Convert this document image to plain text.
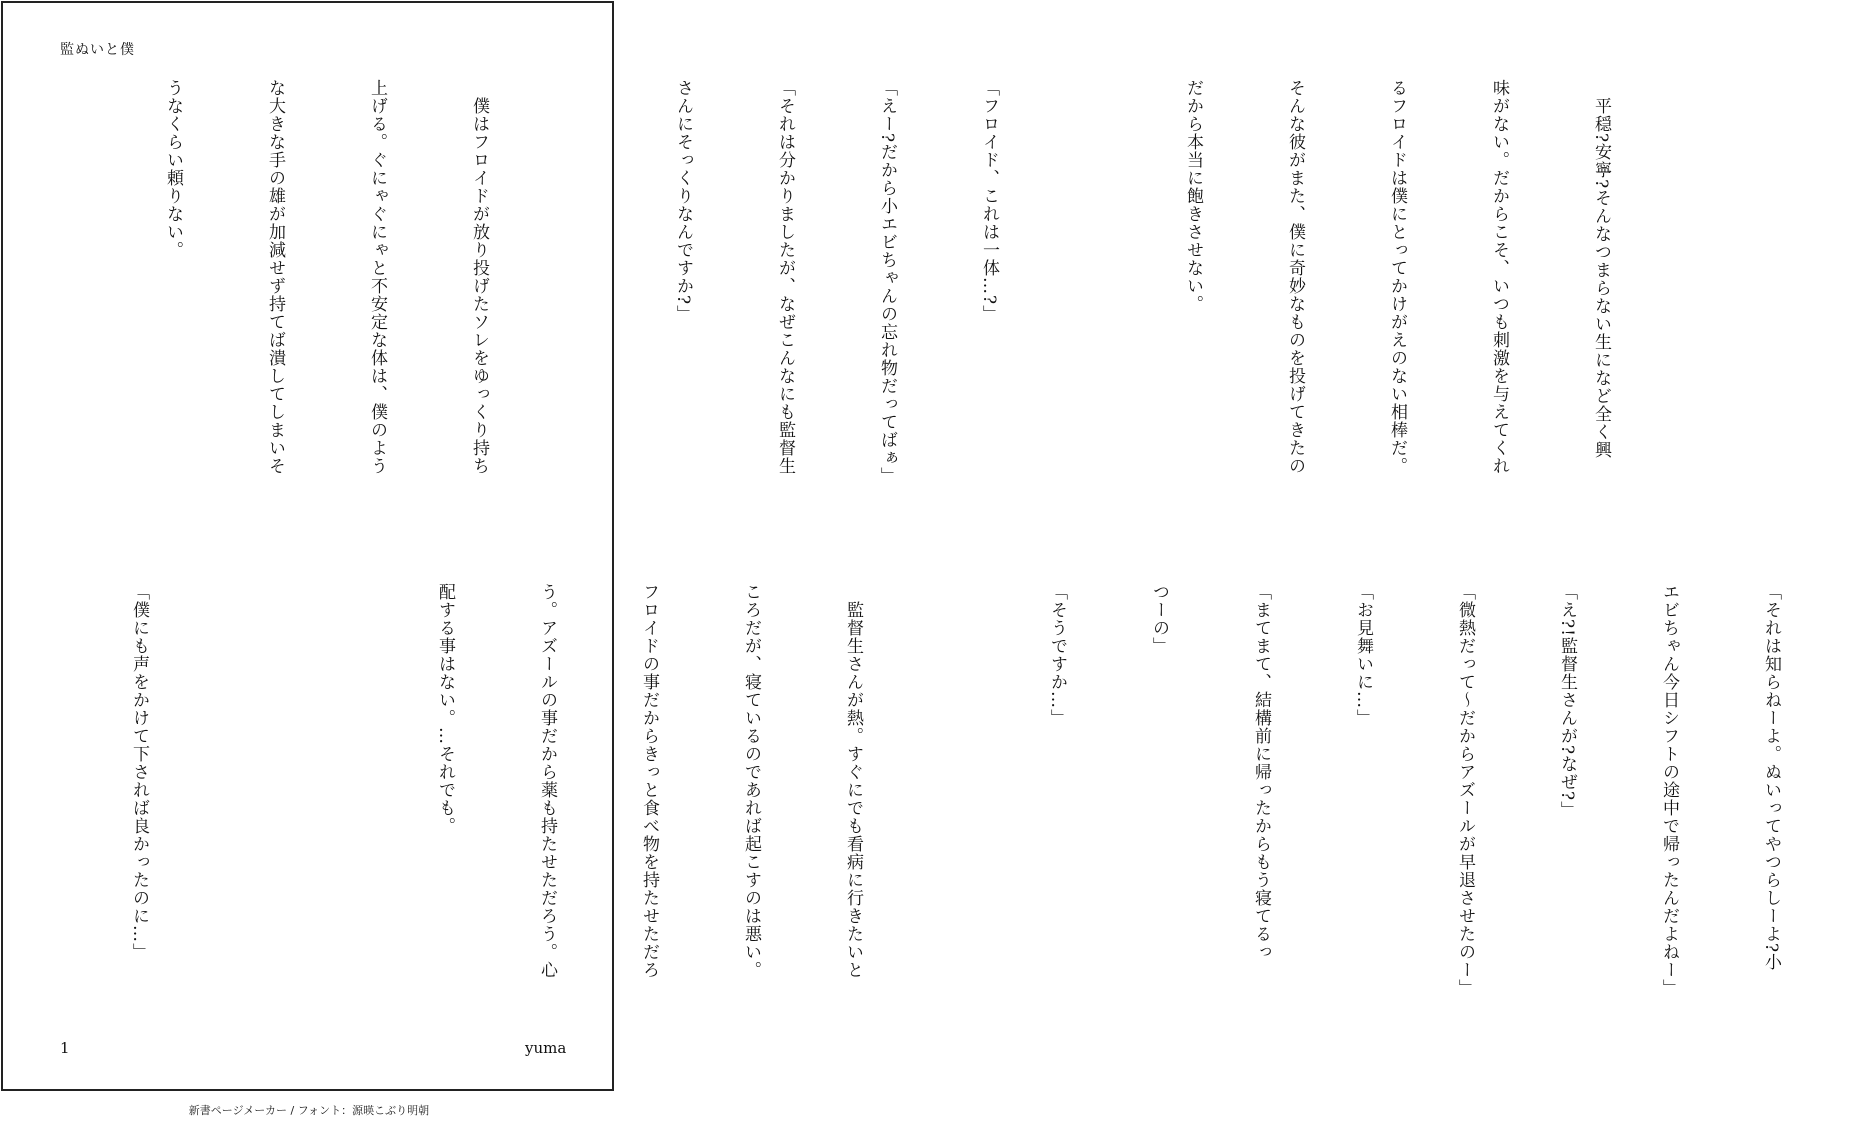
監ぬいと僕

　平穏?安寧?そんなつまらない生になど全く興

味がない。だからこそ、いつも刺激を与えてくれ

るフロイドは僕にとってかけがえのない相棒だ。

そんな彼がまた、僕に奇妙なものを投げてきたの

だから本当に飽きさせない。

「フロイド、これは一体…?」

「えー?だから小エビちゃんの忘れ物だってばぁ」

「それは分かりましたが、なぜこんなにも監督生

さんにそっくりなんですか?」

　僕はフロイドが放り投げたソレをゆっくり持ち

上げる。ぐにゃぐにゃと不安定な体は、僕のよう

な大きな手の雄が加減せず持てば潰してしまいそ

うなくらい頼りない。

「それは知らねーよ。ぬいってやつらしーよ?小

エビちゃん今日シフトの途中で帰ったんだよねー」

「え?!監督生さんが?なぜ?」

「微熱だって〜だからアズールが早退させたのー」

「お見舞いに…」

「まてまて、結構前に帰ったからもう寝てるっ

つーの」

「そうですか…」

　監督生さんが熱。すぐにでも看病に行きたいと

ころだが、寝ているのであれば起こすのは悪い。

フロイドの事だからきっと食べ物を持たせただろ

う。アズールの事だから薬も持たせただろう。心

配する事はない。…それでも。

「僕にも声をかけて下されば良かったのに…」

1	yuma
新書ページメーカー / フォント：源暎こぶり明朝
